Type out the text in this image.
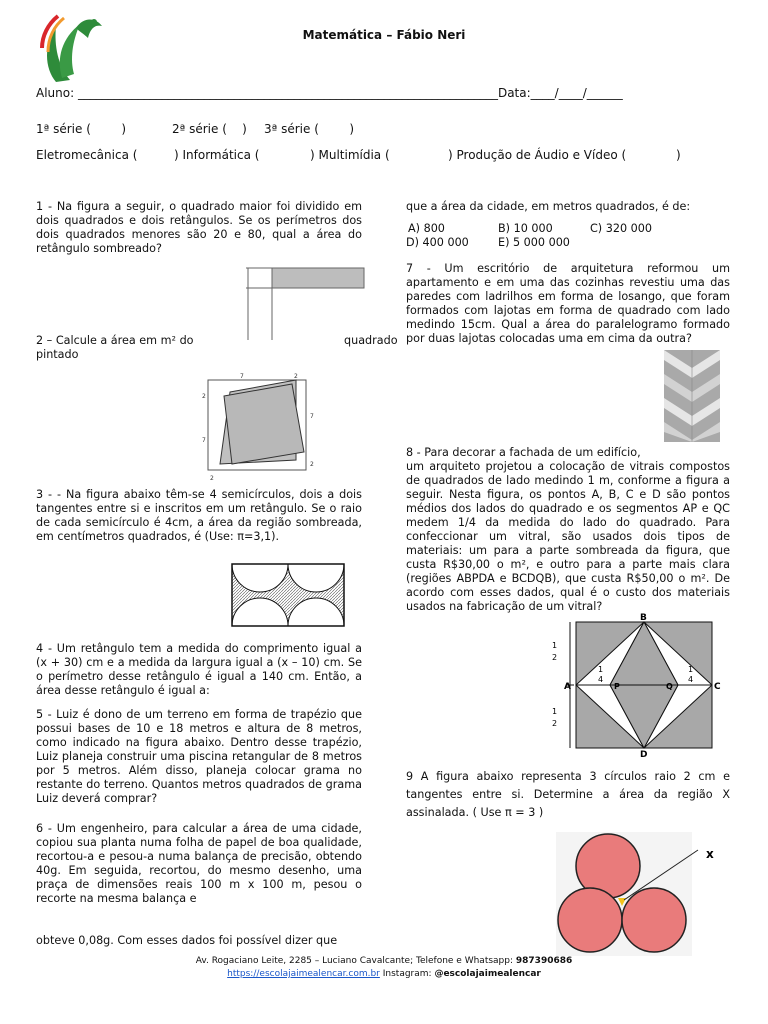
Matemática – Fábio Neri
Aluno: ______________________________________________________________________Data:____/____/______
1ª série (        )	2ª série (    ) 3ª série (        )
Eletromecânica (	) Informática (	) Multimídia (	) Produção de Áudio e Vídeo (	)
1 - Na figura a seguir, o quadrado maior foi dividido em dois quadrados e dois retângulos. Se os perímetros dos dois quadrados menores são 20 e 80, qual a área do retângulo sombreado?
2 – Calcule a área em m² do	quadrado
pintado
7	2
2
7
7
2
2
3 - - Na figura abaixo têm-se 4 semicírculos, dois a dois tangentes entre si e inscritos em um retângulo. Se o raio de cada semicírculo é 4cm, a área da região sombreada, em centímetros quadrados, é (Use: π=3,1).
4 - Um retângulo tem a medida do comprimento igual a (x + 30) cm e a medida da largura igual a (x – 10) cm. Se o perímetro desse retângulo é igual a 140 cm. Então, a área desse retângulo é igual a:
5 - Luiz é dono de um terreno em forma de trapézio que possui bases de 10 e 18 metros e altura de 8 metros, como indicado na figura abaixo. Dentro desse trapézio, Luiz planeja construir uma piscina retangular de 8 metros por 5 metros. Além disso, planeja colocar grama no restante do terreno. Quantos metros quadrados de grama Luiz deverá comprar?
6 - Um engenheiro, para calcular a área de uma cidade, copiou sua planta numa folha de papel de boa qualidade, recortou-a e pesou-a numa balança de precisão, obtendo 40g. Em seguida, recortou, do mesmo desenho, uma praça de dimensões reais 100 m x 100 m, pesou o recorte na mesma balança e
obteve 0,08g. Com esses dados foi possível dizer que
que a área da cidade, em metros quadrados, é de:
A) 800	B) 10 000	C) 320 000
D) 400 000	E) 5 000 000
7 - Um escritório de arquitetura reformou um apartamento e em uma das cozinhas revestiu uma das paredes com ladrilhos em forma de losango, que foram formados com lajotas em forma de quadrado com lado medindo 15cm. Qual a área do paralelogramo formado por duas lajotas colocadas uma em cima da outra?
8 - Para decorar a fachada de um edifício,
um arquiteto projetou a colocação de vitrais compostos de quadrados de lado medindo 1 m, conforme a figura a seguir. Nesta figura, os pontos A, B, C e D são pontos médios dos lados do quadrado e os segmentos AP e QC medem 1/4 da medida do lado do quadrado. Para confeccionar um vitral, são usados dois tipos de materiais: um para a parte sombreada da figura, que custa R$30,00 o m², e outro para a parte mais clara (regiões ABPDA e BCDQB), que custa R$50,00 o m². De acordo com esses dados, qual é o custo dos materiais usados na fabricação de um vitral?
B
D
A	C
P	Q
1
2
1
2
1
4
1
4
9 A figura abaixo representa 3 círculos raio 2 cm e tangentes entre si. Determine a área da região X assinalada. ( Use π = 3 )
x
Av. Rogaciano Leite, 2285 – Luciano Cavalcante; Telefone e Whatsapp: 987390686
https://escolajaimealencar.com.br Instagram: @escolajaimealencar
